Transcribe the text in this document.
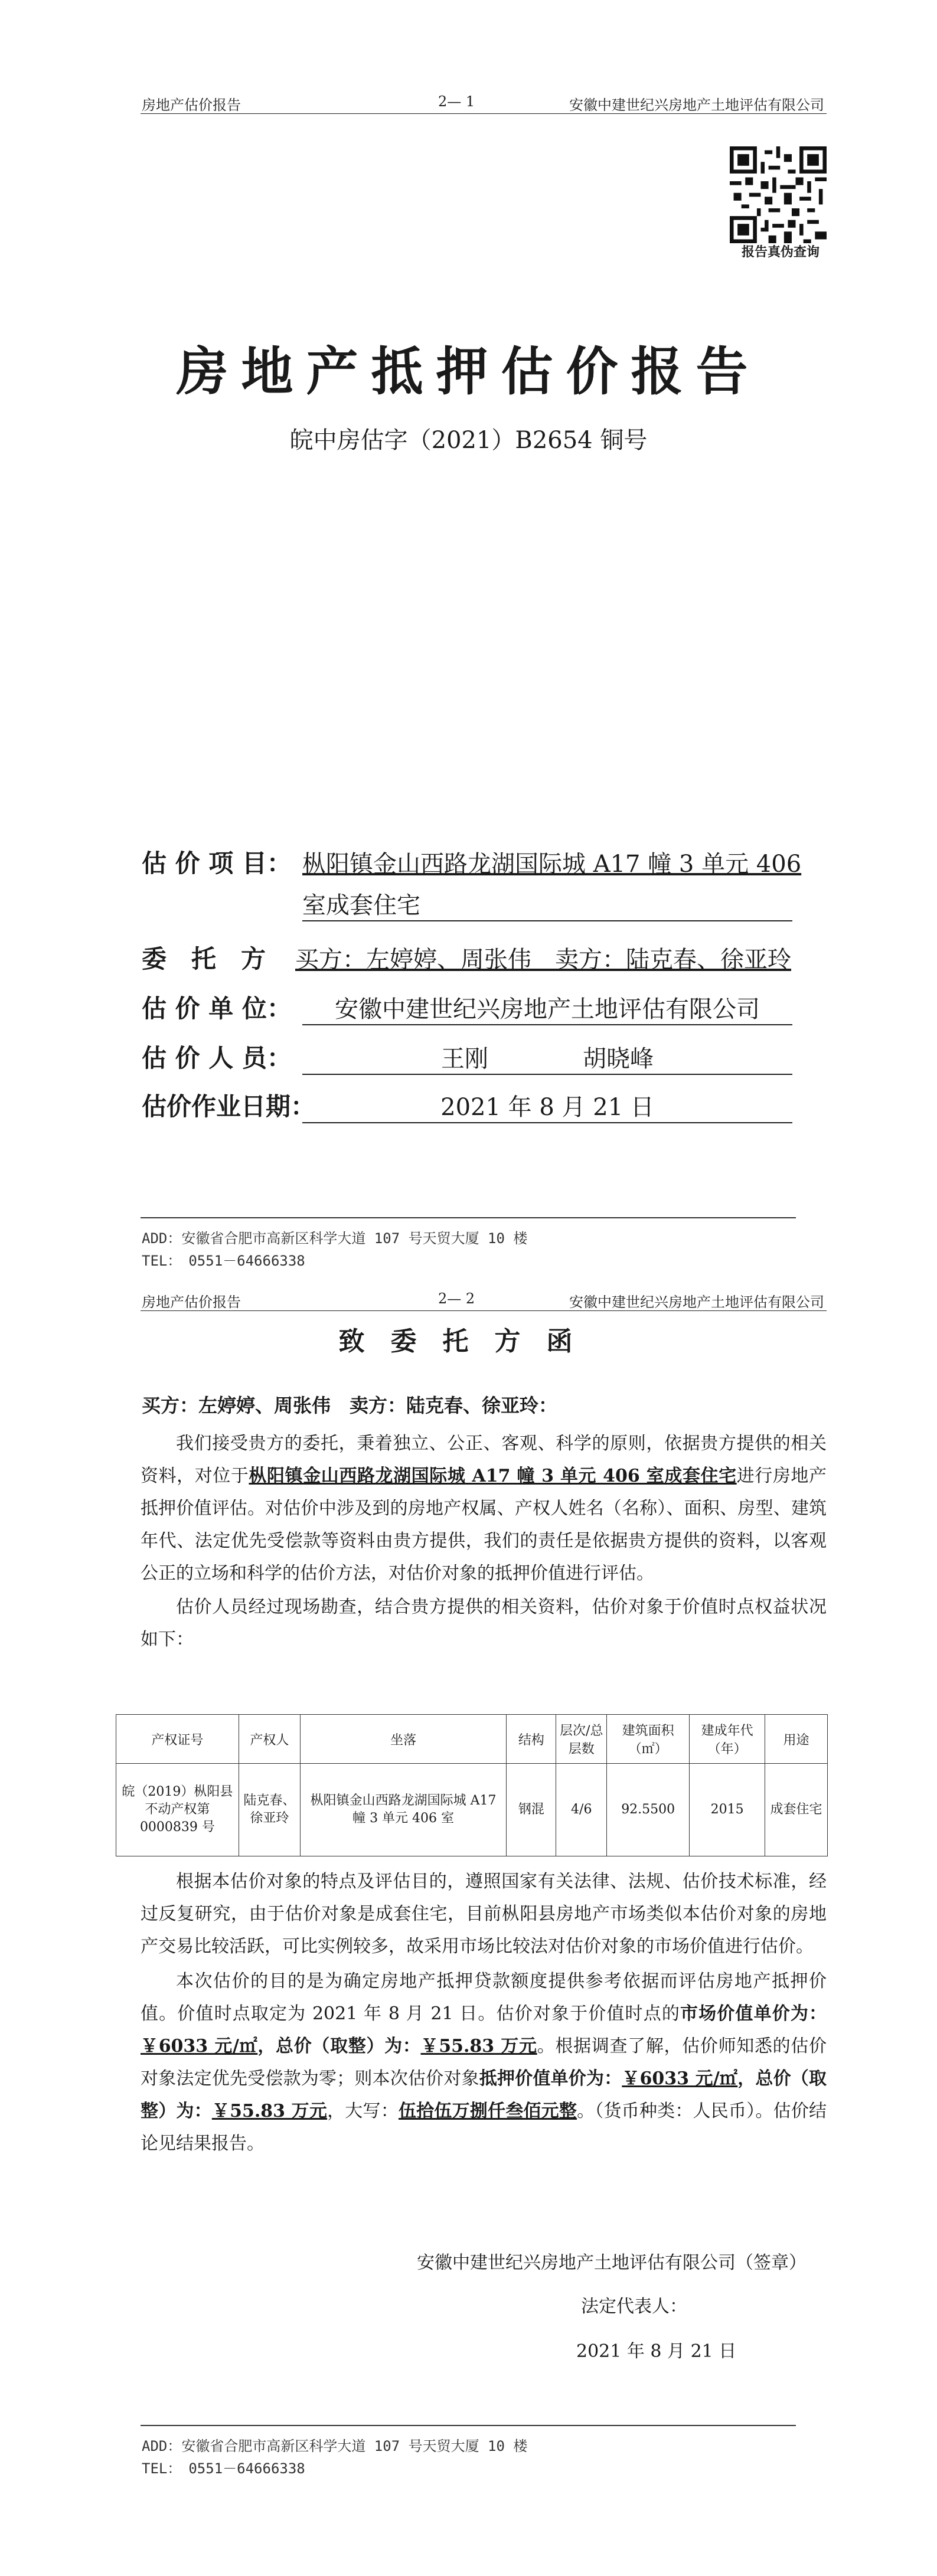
房地产估价报告	2— 1	安徽中建世纪兴房地产土地评估有限公司
报告真伪查询
房地产抵押估价报告
皖中房估字（2021）B2654 铜号
估 价 项 目： 枞阳镇金山西路龙湖国际城 A17 幢 3 单元 406
室成套住宅
委　托　方 买方：左婷婷、周张伟　卖方：陆克春、徐亚玲
估 价 单 位：	安徽中建世纪兴房地产土地评估有限公司
估 价 人 员：	王刚　　　　胡晓峰
估价作业日期：	2021 年 8 月 21 日
ADD：安徽省合肥市高新区科学大道 107 号天贸大厦 10 楼
TEL：　0551－64666338
房地产估价报告	2— 2	安徽中建世纪兴房地产土地评估有限公司
致委托方函
买方：左婷婷、周张伟　卖方：陆克春、徐亚玲：

我们接受贵方的委托，秉着独立、公正、客观、科学的原则，依据贵方提供的相关资料，对位于枞阳镇金山西路龙湖国际城 A17 幢 3 单元 406 室成套住宅进行房地产抵押价值评估。对估价中涉及到的房地产权属、产权人姓名（名称）、面积、房型、建筑年代、法定优先受偿款等资料由贵方提供，我们的责任是依据贵方提供的资料，以客观公正的立场和科学的估价方法，对估价对象的抵押价值进行评估。

估价人员经过现场勘查，结合贵方提供的相关资料，估价对象于价值时点权益状况如下：

产权证号	产权人	坐落	结构	层次/总层数	建筑面积（㎡）	建成年代（年）	用途
皖（2019）枞阳县不动产权第 0000839 号	陆克春、徐亚玲	枞阳镇金山西路龙湖国际城 A17 幢 3 单元 406 室	钢混	4/6	92.5500	2015	成套住宅

根据本估价对象的特点及评估目的，遵照国家有关法律、法规、估价技术标准，经过反复研究，由于估价对象是成套住宅，目前枞阳县房地产市场类似本估价对象的房地产交易比较活跃，可比实例较多，故采用市场比较法对估价对象的市场价值进行估价。

本次估价的目的是为确定房地产抵押贷款额度提供参考依据而评估房地产抵押价值。价值时点取定为 2021 年 8 月 21 日。估价对象于价值时点的市场价值单价为：￥6033 元/㎡，总价（取整）为：￥55.83 万元。根据调查了解，估价师知悉的估价对象法定优先受偿款为零；则本次估价对象抵押价值单价为：￥6033 元/㎡，总价（取整）为：￥55.83 万元，大写：伍拾伍万捌仟叁佰元整。（货币种类：人民币）。估价结论见结果报告。

安徽中建世纪兴房地产土地评估有限公司（签章）
法定代表人：
2021 年 8 月 21 日
ADD：安徽省合肥市高新区科学大道 107 号天贸大厦 10 楼
TEL：　0551－64666338
